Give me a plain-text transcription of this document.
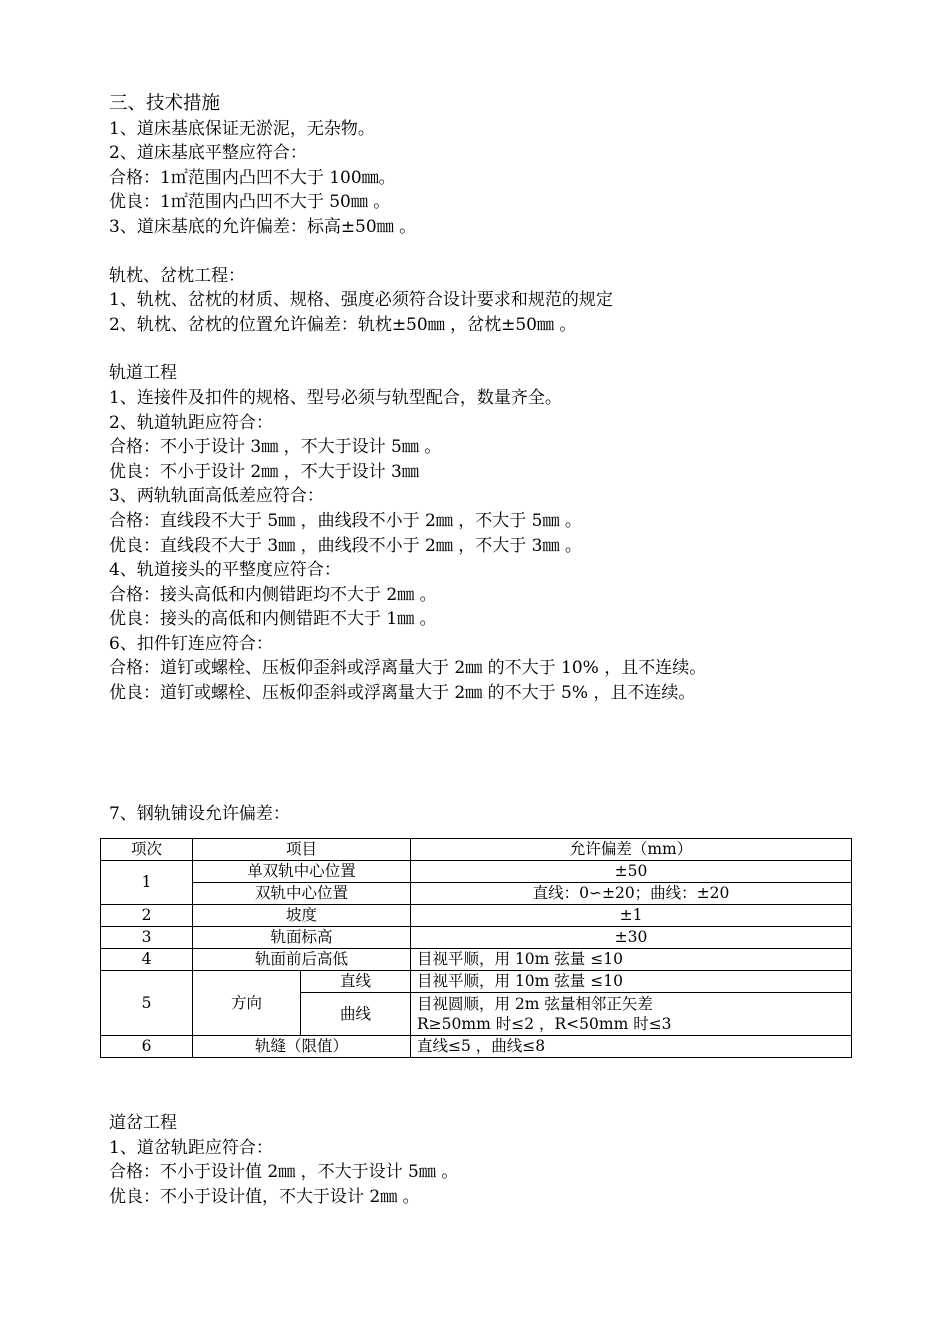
三、技术措施
1、道床基底保证无淤泥，无杂物。
2、道床基底平整应符合：
合格：1㎡范围内凸凹不大于 100㎜。
优良：1㎡范围内凸凹不大于 50㎜ 。
3、道床基底的允许偏差：标高±50㎜ 。
轨枕、岔枕工程：
1、轨枕、岔枕的材质、规格、强度必须符合设计要求和规范的规定
2、轨枕、岔枕的位置允许偏差：轨枕±50㎜ ，岔枕±50㎜ 。
轨道工程
1、连接件及扣件的规格、型号必须与轨型配合，数量齐全。
2、轨道轨距应符合：
合格：不小于设计 3㎜ ，不大于设计 5㎜ 。
优良：不小于设计 2㎜ ，不大于设计 3㎜
3、两轨轨面高低差应符合：
合格：直线段不大于 5㎜ ，曲线段不小于 2㎜ ，不大于 5㎜ 。
优良：直线段不大于 3㎜ ，曲线段不小于 2㎜ ，不大于 3㎜ 。
4、轨道接头的平整度应符合：
合格：接头高低和内侧错距均不大于 2㎜ 。
优良：接头的高低和内侧错距不大于 1㎜ 。
6、扣件钉连应符合：
合格：道钉或螺栓、压板仰歪斜或浮离量大于 2㎜ 的不大于 10% ，且不连续。
优良：道钉或螺栓、压板仰歪斜或浮离量大于 2㎜ 的不大于 5% ，且不连续。
7、钢轨铺设允许偏差：
项次	项目		允许偏差（mm）
1	单双轨中心位置		±50
	双轨中心位置		直线：0∽±20；曲线：±20
2	坡度		±1
3	轨面标高		±30
4	轨面前后高低		目视平顺，用 10m 弦量 ≤10
5	方向	直线	目视平顺，用 10m 弦量 ≤10
		曲线	目视圆顺，用 2m 弦量相邻正矢差
R≥50mm 时≤2 ，R<50mm 时≤3

6	轨缝（限值）		直线≤5 ，曲线≤8
道岔工程
1、道岔轨距应符合：
合格：不小于设计值 2㎜ ，不大于设计 5㎜ 。
优良：不小于设计值，不大于设计 2㎜ 。
